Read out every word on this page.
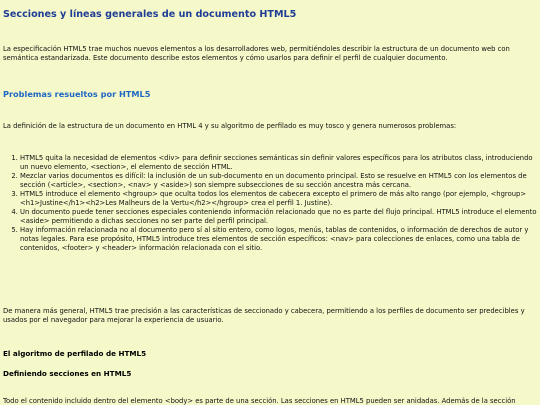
Secciones y líneas generales de un documento HTML5

La especificación HTML5 trae muchos nuevos elementos a los desarrolladores web, permitiéndoles describir la estructura de un documento web con semántica estandarizada. Este documento describe estos elementos y cómo usarlos para definir el perfil de cualquier documento.

Problemas resueltos por HTML5

La definición de la estructura de un documento en HTML 4 y su algoritmo de perfilado es muy tosco y genera numerosos problemas:

1. HTML5 quita la necesidad de elementos <div> para definir secciones semánticas sin definir valores específicos para los atributos class, introduciendo un nuevo elemento, <section>, el elemento de sección HTML.
2. Mezclar varios documentos es difícil: la inclusión de un sub-documento en un documento principal. Esto se resuelve en HTML5 con los elementos de sección (<article>, <section>, <nav> y <aside>) son siempre subsecciones de su sección ancestra más cercana.
3. HTML5 introduce el elemento <hgroup> que oculta todos los elementos de cabecera excepto el primero de más alto rango (por ejemplo, <hgroup><h1>Justine</h1><h2>Les Malheurs de la Vertu</h2></hgroup> crea el perfil 1. Justine).
4. Un documento puede tener secciones especiales conteniendo información relacionado que no es parte del flujo principal. HTML5 introduce el elemento <aside> permitiendo a dichas secciones no ser parte del perfil principal.
5. Hay información relacionada no al documento pero sí al sitio entero, como logos, menús, tablas de contenidos, o información de derechos de autor y notas legales. Para ese propósito, HTML5 introduce tres elementos de sección específicos: <nav> para colecciones de enlaces, como una tabla de contenidos, <footer> y <header> información relacionada con el sitio.

De manera más general, HTML5 trae precisión a las características de seccionado y cabecera, permitiendo a los perfiles de documento ser predecibles y usados por el navegador para mejorar la experiencia de usuario.

El algoritmo de perfilado de HTML5
Definiendo secciones en HTML5

Todo el contenido incluido dentro del elemento <body> es parte de una sección. Las secciones en HTML5 pueden ser anidadas. Además de la sección
